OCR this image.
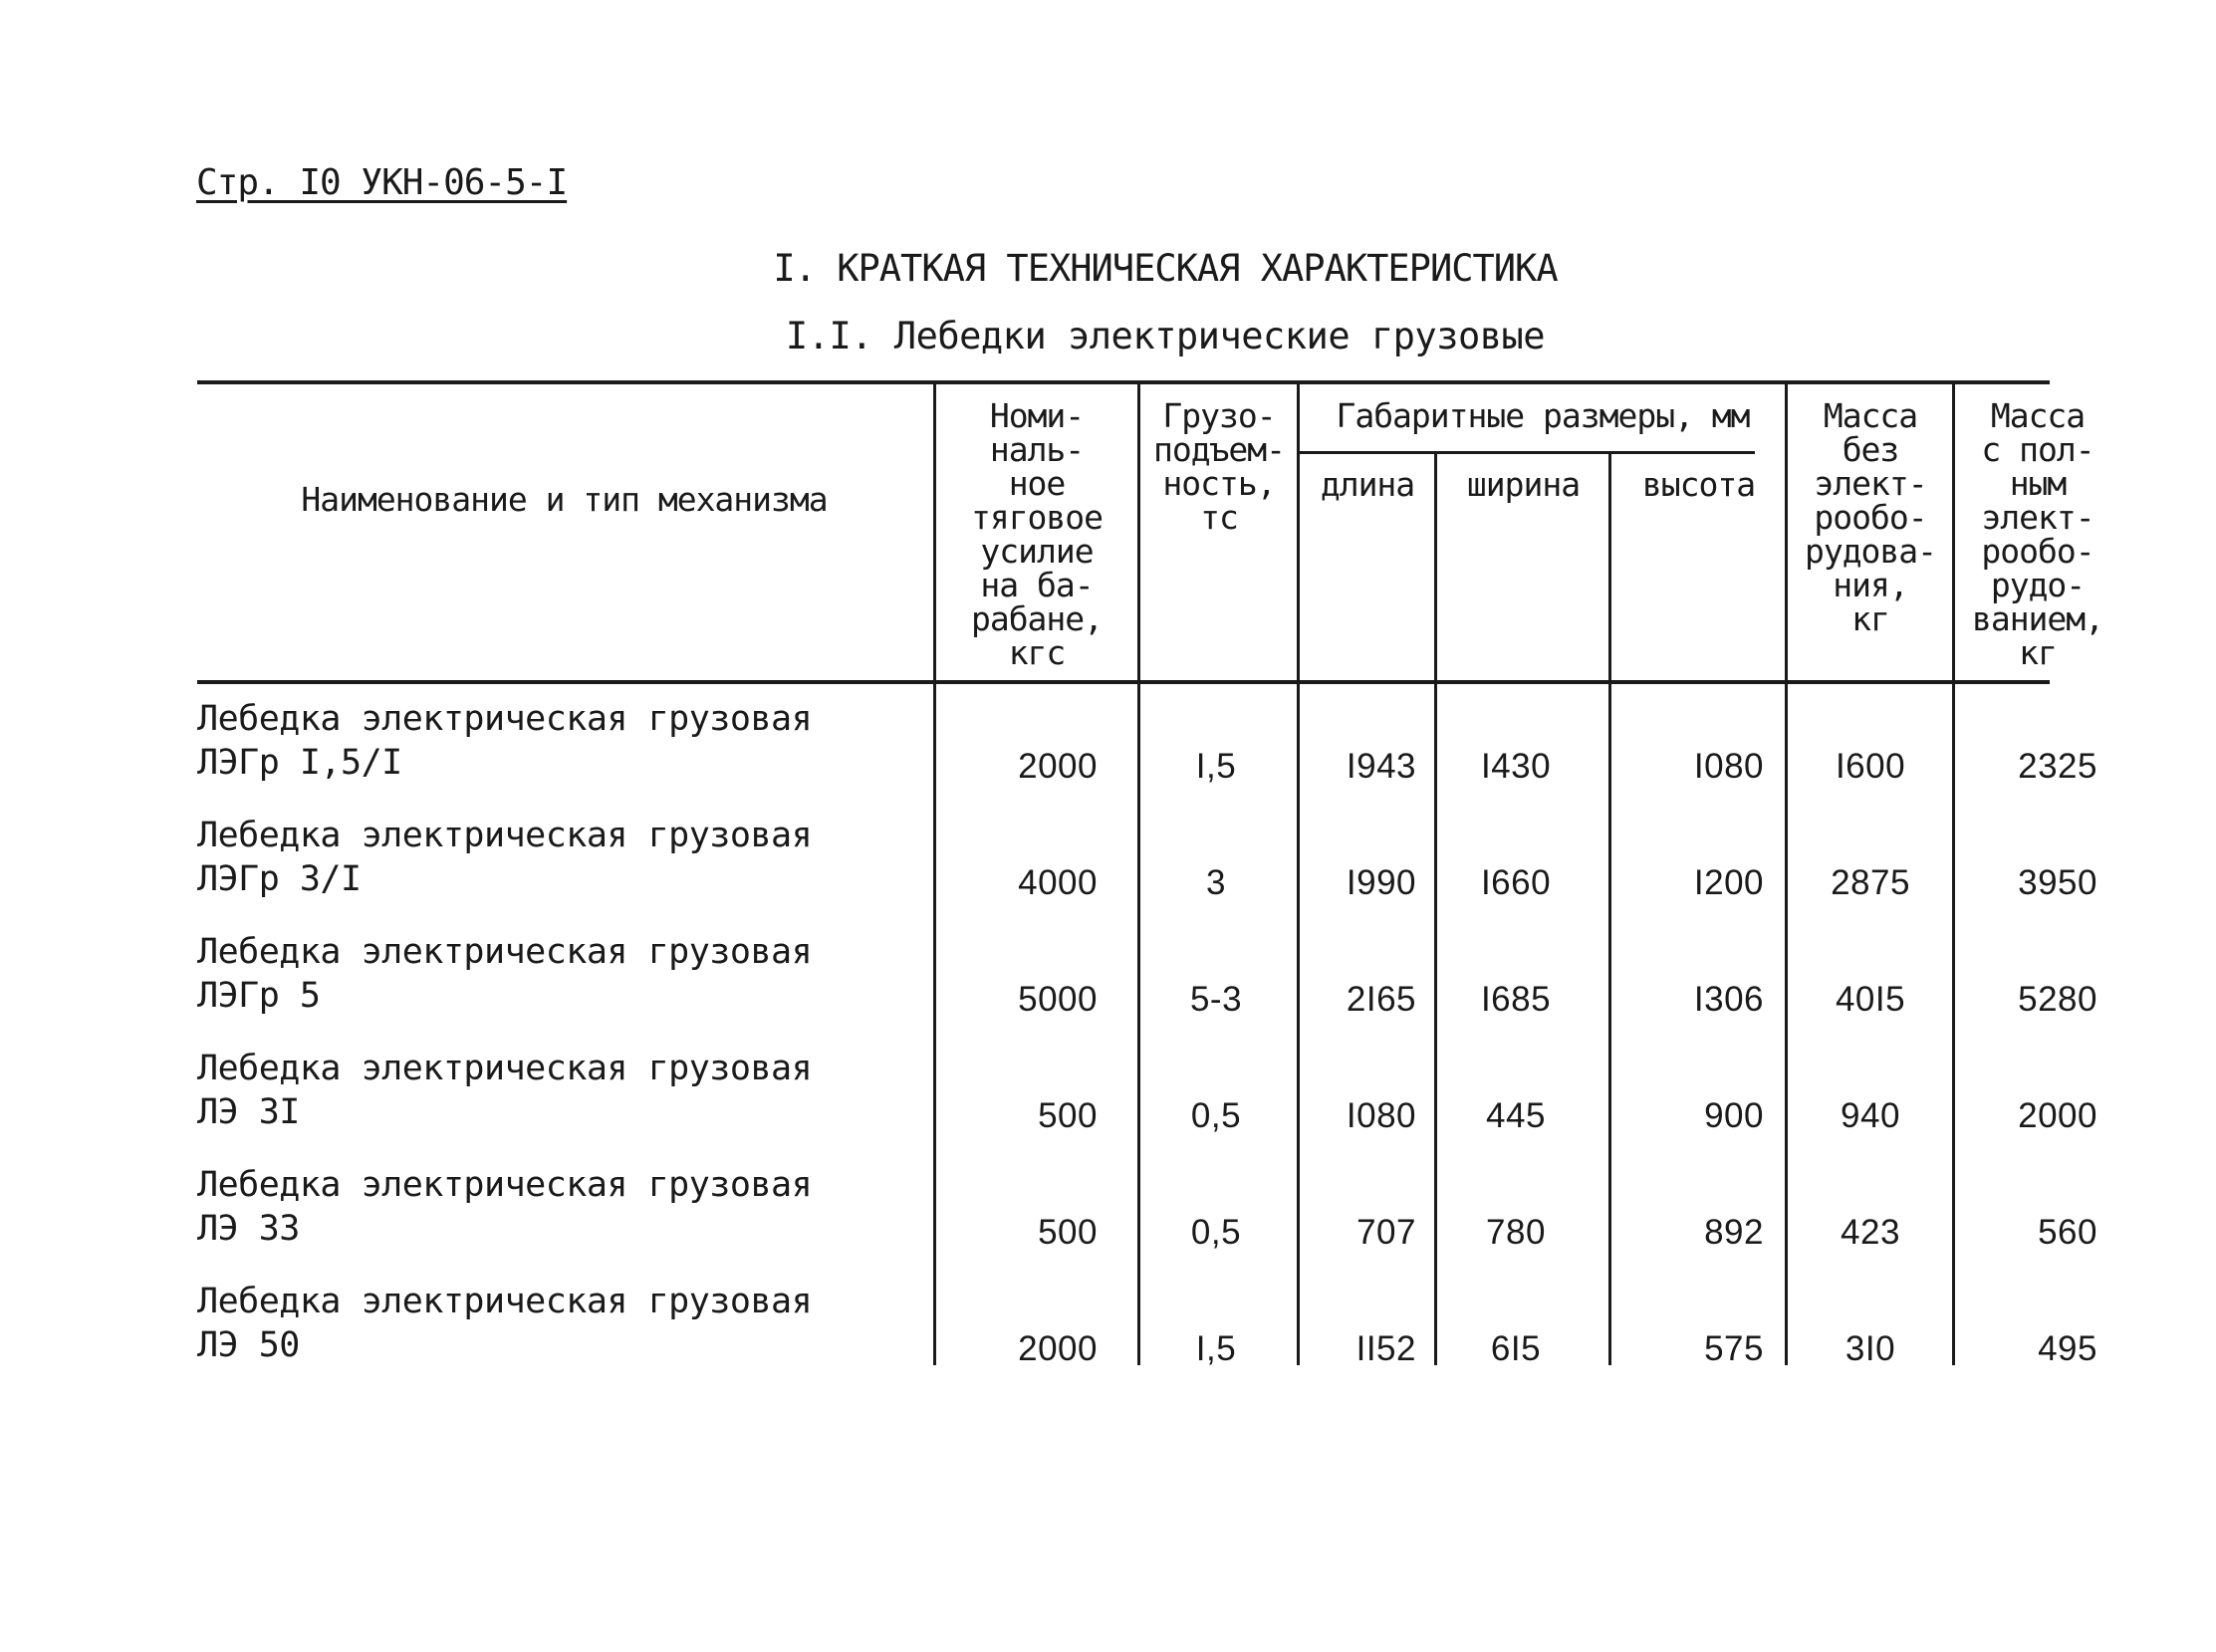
Стр. I0 УКН-06-5-I
I. КРАТКАЯ ТЕХНИЧЕСКАЯ ХАРАКТЕРИСТИКА
I.I. Лебедки электрические грузовые
Наименование и тип механизма
Номи-
наль-
ное
тяговое
усилие
на ба-
рабане,
кгс
Грузо-
подъем-
ность,
тс
Габаритные размеры, мм
длина	ширина	высота
Масса
без
элект-
рообо-
рудова-
ния,
кг
Масса
с пол-
ным
элект-
рообо-
рудо-
ванием,
кг
Лебедка электрическая грузовая
ЛЭГр I,5/I	2000	I,5	I943	I430	I080	I600	2325
Лебедка электрическая грузовая
ЛЭГр 3/I	4000	3	I990	I660	I200	2875	3950
Лебедка электрическая грузовая
ЛЭГр 5	5000	5-3	2I65	I685	I306	40I5	5280
Лебедка электрическая грузовая
ЛЭ 3I	500	0,5	I080	445	900	940	2000
Лебедка электрическая грузовая
ЛЭ 33	500	0,5	707	780	892	423	560
Лебедка электрическая грузовая
ЛЭ 50	2000	I,5	II52	6I5	575	3I0	495
